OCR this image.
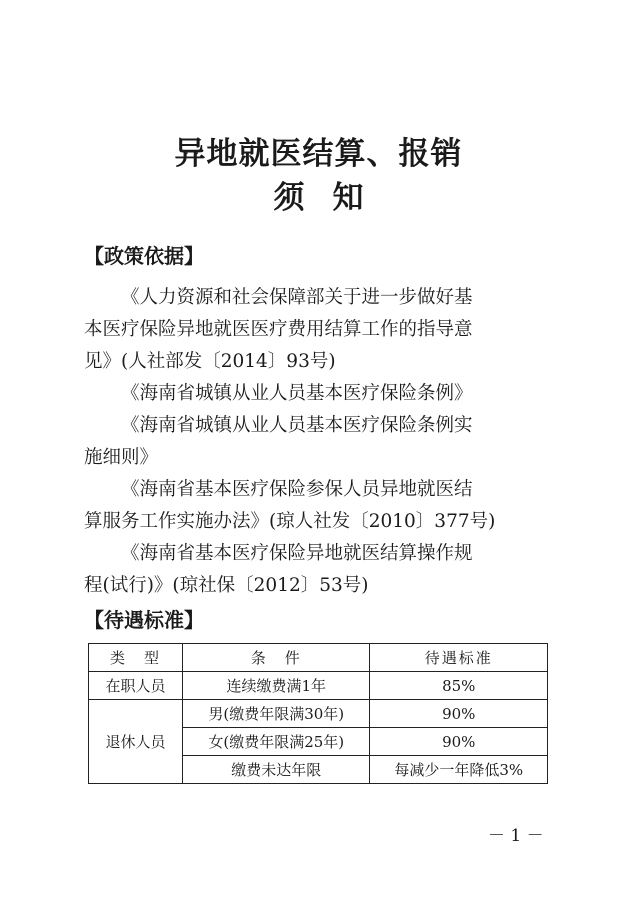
异地就医结算、报销
须知
【政策依据】

《人力资源和社会保障部关于进一步做好基
本医疗保险异地就医医疗费用结算工作的指导意
见》(人社部发〔2014〕93号)

《海南省城镇从业人员基本医疗保险条例》

《海南省城镇从业人员基本医疗保险条例实
施细则》

《海南省基本医疗保险参保人员异地就医结
算服务工作实施办法》(琼人社发〔2010〕377号)

《海南省基本医疗保险异地就医结算操作规
程(试行)》(琼社保〔2012〕53号)

【待遇标准】
类　型	条　件	待遇标准
在职人员	连续缴费满1年	85%
退休人员	男(缴费年限满30年)	90%
	女(缴费年限满25年)	90%
	缴费未达年限	每减少一年降低3%
－ 1 －
